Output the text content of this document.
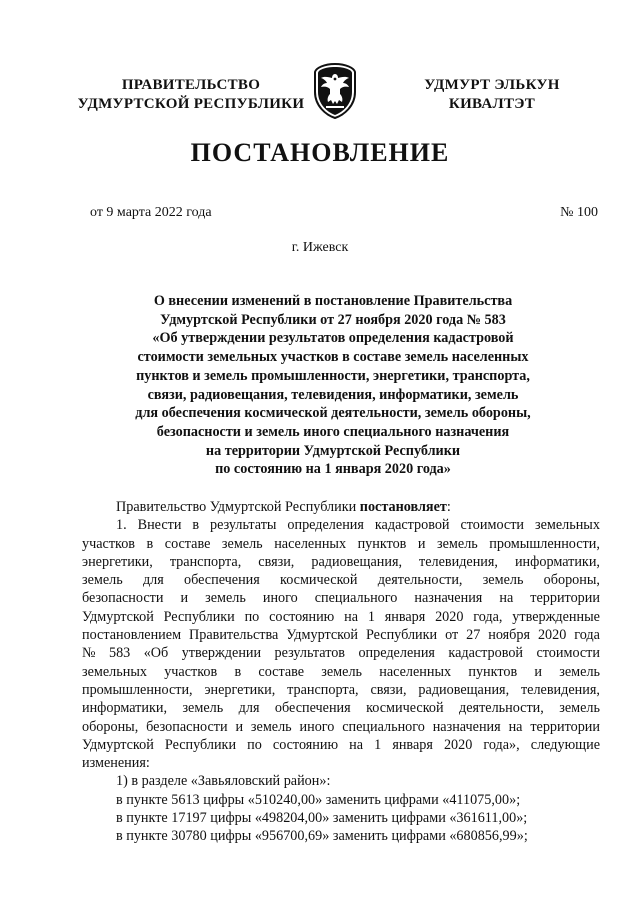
ПРАВИТЕЛЬСТВО
УДМУРТСКОЙ РЕСПУБЛИКИ
УДМУРТ ЭЛЬКУН
КИВАЛТЭТ
ПОСТАНОВЛЕНИЕ
от 9 марта 2022 года	№ 100
г. Ижевск
О внесении изменений в постановление Правительства
Удмуртской Республики от 27 ноября 2020 года № 583
«Об утверждении результатов определения кадастровой
стоимости земельных участков в составе земель населенных
пунктов и земель промышленности, энергетики, транспорта,
связи, радиовещания, телевидения, информатики, земель
для обеспечения космической деятельности, земель обороны,
безопасности и земель иного специального назначения
на территории Удмуртской Республики
по состоянию на 1 января 2020 года»
Правительство Удмуртской Республики постановляет:
1. Внести в результаты определения кадастровой стоимости земельных
участков в составе земель населенных пунктов и земель промышленности,
энергетики, транспорта, связи, радиовещания, телевидения, информатики,
земель для обеспечения космической деятельности, земель обороны,
безопасности и земель иного специального назначения на территории
Удмуртской Республики по состоянию на 1 января 2020 года, утвержденные
постановлением Правительства Удмуртской Республики от 27 ноября 2020 года
№ 583 «Об утверждении результатов определения кадастровой стоимости
земельных участков в составе земель населенных пунктов и земель
промышленности, энергетики, транспорта, связи, радиовещания, телевидения,
информатики, земель для обеспечения космической деятельности, земель
обороны, безопасности и земель иного специального назначения на территории
Удмуртской Республики по состоянию на 1 января 2020 года», следующие
изменения:
1) в разделе «Завьяловский район»:
в пункте 5613 цифры «510240,00» заменить цифрами «411075,00»;
в пункте 17197 цифры «498204,00» заменить цифрами «361611,00»;
в пункте 30780 цифры «956700,69» заменить цифрами «680856,99»;
